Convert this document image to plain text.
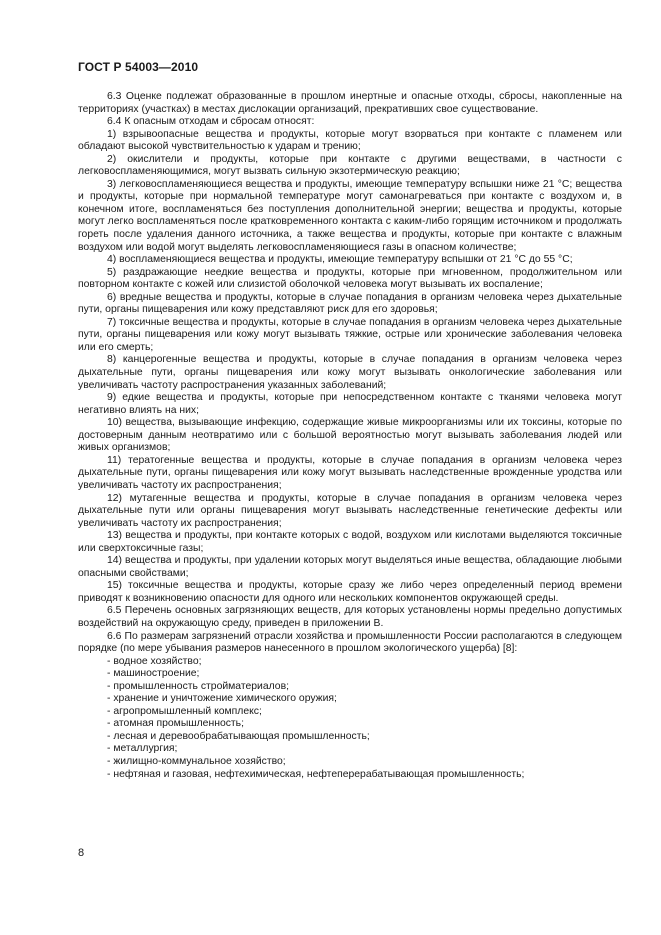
ГОСТ Р 54003—2010

6.3 Оценке подлежат образованные в прошлом инертные и опасные отходы, сбросы, накопленные на территориях (участках) в местах дислокации организаций, прекративших свое существование.

6.4 К опасным отходам и сбросам относят:

1) взрывоопасные вещества и продукты, которые могут взорваться при контакте с пламенем или обладают высокой чувствительностью к ударам и трению;

2) окислители и продукты, которые при контакте с другими веществами, в частности с легковоспламеняющимися, могут вызвать сильную экзотермическую реакцию;

3) легковоспламеняющиеся вещества и продукты, имеющие температуру вспышки ниже 21 °C; вещества и продукты, которые при нормальной температуре могут самонагреваться при контакте с воздухом и, в конечном итоге, воспламеняться без поступления дополнительной энергии; вещества и продукты, которые могут легко воспламеняться после кратковременного контакта с каким-либо горящим источником и продолжать гореть после удаления данного источника, а также вещества и продукты, которые при контакте с влажным воздухом или водой могут выделять легковоспламеняющиеся газы в опасном количестве;

4) воспламеняющиеся вещества и продукты, имеющие температуру вспышки от 21 °C до 55 °C;

5) раздражающие неедкие вещества и продукты, которые при мгновенном, продолжительном или повторном контакте с кожей или слизистой оболочкой человека могут вызывать их воспаление;

6) вредные вещества и продукты, которые в случае попадания в организм человека через дыхательные пути, органы пищеварения или кожу представляют риск для его здоровья;

7) токсичные вещества и продукты, которые в случае попадания в организм человека через дыхательные пути, органы пищеварения или кожу могут вызывать тяжкие, острые или хронические заболевания человека или его смерть;

8) канцерогенные вещества и продукты, которые в случае попадания в организм человека через дыхательные пути, органы пищеварения или кожу могут вызывать онкологические заболевания или увеличивать частоту распространения указанных заболеваний;

9) едкие вещества и продукты, которые при непосредственном контакте с тканями человека могут негативно влиять на них;

10) вещества, вызывающие инфекцию, содержащие живые микроорганизмы или их токсины, которые по достоверным данным неотвратимо или с большой вероятностью могут вызывать заболевания людей или живых организмов;

11) тератогенные вещества и продукты, которые в случае попадания в организм человека через дыхательные пути, органы пищеварения или кожу могут вызывать наследственные врожденные уродства или увеличивать частоту их распространения;

12) мутагенные вещества и продукты, которые в случае попадания в организм человека через дыхательные пути или органы пищеварения могут вызывать наследственные генетические дефекты или увеличивать частоту их распространения;

13) вещества и продукты, при контакте которых с водой, воздухом или кислотами выделяются токсичные или сверхтоксичные газы;

14) вещества и продукты, при удалении которых могут выделяться иные вещества, обладающие любыми опасными свойствами;

15) токсичные вещества и продукты, которые сразу же либо через определенный период времени приводят к возникновению опасности для одного или нескольких компонентов окружающей среды.

6.5 Перечень основных загрязняющих веществ, для которых установлены нормы предельно допустимых воздействий на окружающую среду, приведен в приложении В.

6.6 По размерам загрязнений отрасли хозяйства и промышленности России располагаются в следующем порядке (по мере убывания размеров нанесенного в прошлом экологического ущерба) [8]:

- водное хозяйство;

- машиностроение;

- промышленность стройматериалов;

- хранение и уничтожение химического оружия;

- агропромышленный комплекс;

- атомная промышленность;

- лесная и деревообрабатывающая промышленность;

- металлургия;

- жилищно-коммунальное хозяйство;

- нефтяная и газовая, нефтехимическая, нефтеперерабатывающая промышленность;

8
